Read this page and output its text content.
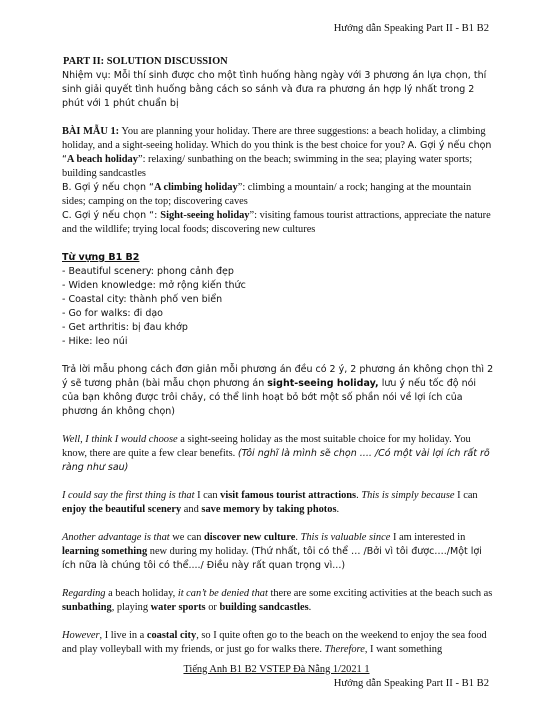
Hướng dẫn Speaking Part II - B1 B2

PART II: SOLUTION DISCUSSION

Nhiệm vụ: Mỗi thí sinh được cho một tình huống hàng ngày với 3 phương án lựa chọn, thí sinh giải quyết tình huống bằng cách so sánh và đưa ra phương án hợp lý nhất trong 2 phút với 1 phút chuẩn bị

BÀI MẪU 1: You are planning your holiday. There are three suggestions: a beach holiday, a climbing holiday, and a sight-seeing holiday. Which do you think is the best choice for you? A. Gợi ý nếu chọn “A beach holiday”: relaxing/ sunbathing on the beach; swimming in the sea; playing water sports; building sandcastles
B. Gợi ý nếu chọn “A climbing holiday”: climbing a mountain/ a rock; hanging at the mountain sides; camping on the top; discovering caves
C. Gợi ý nếu chọn “: Sight-seeing holiday”: visiting famous tourist attractions, appreciate the nature and the wildlife; trying local foods; discovering new cultures

Từ vựng B1 B2

- Beautiful scenery: phong cảnh đẹp

- Widen knowledge: mở rộng kiến thức

- Coastal city: thành phố ven biển

- Go for walks: đi dạo

- Get arthritis: bị đau khớp

- Hike: leo núi

Trả lời mẫu phong cách đơn giản mỗi phương án đều có 2 ý, 2 phương án không chọn thì 2 ý sẽ tương phản (bài mẫu chọn phương án sight-seeing holiday, lưu ý nếu tốc độ nói của bạn không được trôi chảy, có thể linh hoạt bỏ bớt một số phần nói về lợi ích của phương án không chọn)

Well, I think I would choose a sight-seeing holiday as the most suitable choice for my holiday. You know, there are quite a few clear benefits. (Tôi nghĩ là mình sẽ chọn .... /Có một vài lợi ích rất rõ ràng như sau)

I could say the first thing is that I can visit famous tourist attractions. This is simply because I can enjoy the beautiful scenery and save memory by taking photos.

Another advantage is that we can discover new culture. This is valuable since I am interested in learning something new during my holiday. (Thứ nhất, tôi có thể … /Bởi vì tôi được…./Một lợi ích nữa là chúng tôi có thể..../ Điều này rất quan trọng vì...)

Regarding a beach holiday, it can’t be denied that there are some exciting activities at the beach such as sunbathing, playing water sports or building sandcastles.

However, I live in a coastal city, so I quite often go to the beach on the weekend to enjoy the sea food and play volleyball with my friends, or just go for walks there. Therefore, I want something

Tiếng Anh B1 B2 VSTEP Đà Nẵng 1/2021 1
Hướng dẫn Speaking Part II - B1 B2
